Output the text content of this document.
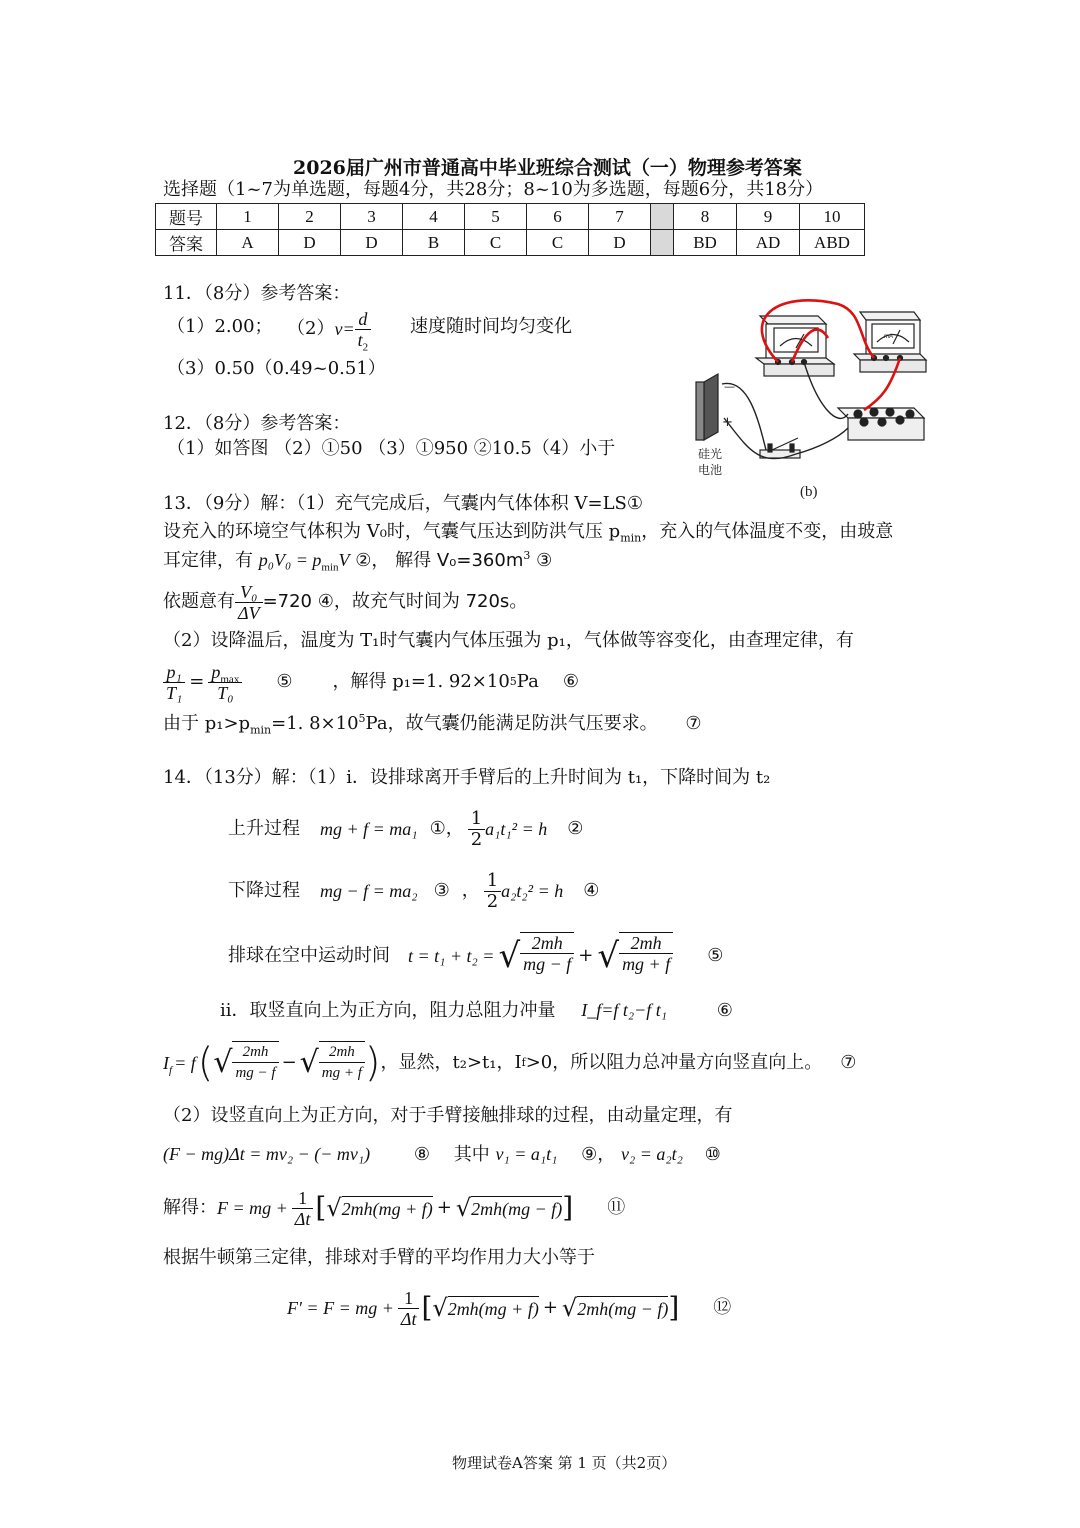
2026届广州市普通高中毕业班综合测试（一）物理参考答案
选择题（1~7为单选题，每题4分，共28分；8~10为多选题，每题6分，共18分）
题号	1	2	3	4	5	6	7		8	9	10
答案	A	D	D	B	C	C	D		BD	AD	ABD
11．（8分）参考答案：
（1）2.00； （2） $v= \frac{d}{t_2}$ 速度随时间均匀变化
（3）0.50（0.49~0.51）
12．（8分）参考答案：
（1）如答图 （2）①50 （3）①950 ②10.5（4）小于
mA
—
+
硅光
电池
(b)
13．（9分）解：（1）充气完成后，气囊内气体体积 V=LS①
设充入的环境空气体积为 V₀时，气囊气压达到防洪气压 $p_{min}$，充入的气体温度不变，由玻意
耳定律，有 $p_0V_0 = p_{min}V$ ②， 解得 $V_0=360m^3$ ③
依题意有 $\frac{\text{V₀}}{\Delta V} =720$ ④，故充气时间为 720s。
（2）设降温后，温度为 T₁时气囊内气体压强为 p₁，气体做等容变化，由查理定律，有
$\frac{\text{p₁}}{\text{T₁}} = \frac{p_{max}}{\text{T₀}}$ ⑤ ，解得 p₁=1. 92×10 5 Pa ⑥
由于 $p_1>p_{min}=1$. $8\times 10^5Pa$，故气囊仍能满足防洪气压要求。 ⑦
14．（13分）解：（1）i．设排球离开手臂后的上升时间为 t₁，下降时间为 t₂
上升过程 mg + f = ma₁ ①， $\frac{1}{2} a_1t_1^2 = h$ ②
下降过程 mg − f = ma₂ ③ ， $\frac{1}{2} a_2t_2^2 = h$ ④
排球在空中运动时间 t = t₁ + t₂ = √ $\frac{2mh}{mg - f}$ + √ $\frac{2mh}{mg + f}$ ⑤
ii．取竖直向上为正方向，阻力总阻力冲量 I_f=f t₂−f t₁	⑥
$I_f = f$ ( √ $\frac{2mh}{mg - f}$ − √ $\frac{2mh}{mg + f}$ ) ，显然，t₂>t₁，I f >0，所以阻力总冲量方向竖直向上。 ⑦
（2）设竖直向上为正方向，对于手臂接触排球的过程，由动量定理，有
(F − mg)Δt = mv₂ − (− mv₁) ⑧ 其中 v₁ = a₁t₁ ⑨， v₂ = a₂t₂ ⑩
解得： F = mg + $\frac{1}{\Delta t}$ [ √ 2mh(mg + f) + √ 2mh(mg − f) ] ⑪
根据牛顿第三定律，排球对手臂的平均作用力大小等于
F′ = F = mg + $\frac{1}{\Delta t}$ [ √ 2mh(mg + f) + √ 2mh(mg − f) ] ⑫
物理试卷A答案 第 1 页（共2页）
